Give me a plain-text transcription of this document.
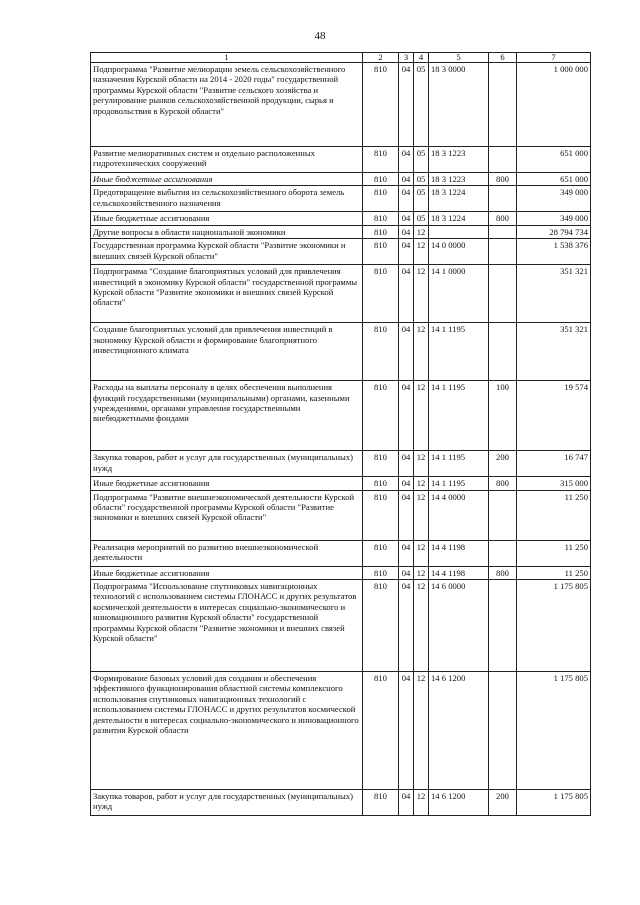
48
1	2	3	4	5	6	7
Подпрограмма "Развитие мелиорации земель сельскохозяйственного назначения Курской области на 2014 - 2020 годы" государственной программы Курской области "Развитие сельского хозяйства и регулирование рынков сельскохозяйственной продукции, сырья и продовольствия в Курской области"	810	04	05	18 3 0000		1 000 000
Развитие мелиоративных систем и отдельно расположенных гидротехнических сооружений	810	04	05	18 3 1223		651 000
Иные бюджетные ассигнования	810	04	05	18 3 1223	800	651 000
Предотвращение выбытия из сельскохозяйственного оборота земель сельскохозяйственного назначения	810	04	05	18 3 1224		349 000
Иные бюджетные ассигнования	810	04	05	18 3 1224	800	349 000
Другие вопросы в области национальной экономики	810	04	12			28 794 734
Государственная программа Курской области "Развитие экономики и внешних связей Курской области"	810	04	12	14 0 0000		1 538 376
Подпрограмма "Создание благоприятных условий для привлечения инвестиций в экономику Курской области" государственной программы Курской области "Развитие экономики и внешних связей Курской области"	810	04	12	14 1 0000		351 321
Создание благоприятных условий для привлечения инвестиций в экономику Курской области и формирование благоприятного инвестиционного климата	810	04	12	14 1 1195		351 321
Расходы на выплаты персоналу в целях обеспечения выполнения функций государственными (муниципальными) органами, казенными учреждениями, органами управления государственными внебюджетными фондами	810	04	12	14 1 1195	100	19 574
Закупка товаров, работ и услуг для государственных (муниципальных) нужд	810	04	12	14 1 1195	200	16 747
Иные бюджетные ассигнования	810	04	12	14 1 1195	800	315 000
Подпрограмма "Развитие внешнеэкономической деятельности Курской области" государственной программы Курской области "Развитие экономики и внешних связей Курской области"	810	04	12	14 4 0000		11 250
Реализация мероприятий по развитию внешнеэкономической деятельности	810	04	12	14 4 1198		11 250
Иные бюджетные ассигнования	810	04	12	14 4 1198	800	11 250
Подпрограмма "Использование спутниковых навигационных технологий с использованием системы ГЛОНАСС и других результатов космической деятельности в интересах социально-экономического и инновационного развития Курской области" государственной программы Курской области "Развитие экономики и внешних связей Курской области"	810	04	12	14 6 0000		1 175 805
Формирование базовых условий для создания и обеспечения эффективного функционирования областной системы комплексного использования спутниковых навигационных технологий с использованием системы ГЛОНАСС и других результатов космической деятельности в интересах социально-экономического и инновационного развития Курской области	810	04	12	14 6 1200		1 175 805
Закупка товаров, работ и услуг для государственных (муниципальных) нужд	810	04	12	14 6 1200	200	1 175 805
